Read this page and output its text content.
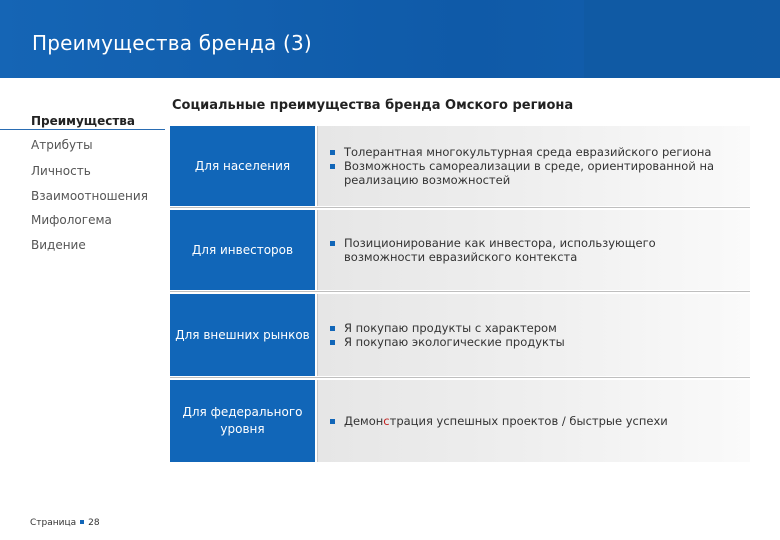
Преимущества бренда (3)
Преимущества
Атрибуты
Личность
Взаимоотношения
Мифологема
Видение
Социальные преимущества бренда Омского региона
Для населения
Толерантная многокультурная среда евразийского региона
Возможность самореализации в среде, ориентированной на реализацию возможностей
Для инвесторов	Позиционирование как инвестора, использующего возможности евразийского контекста
Для внешних рынков	Я покупаю продукты с характером
Я покупаю экологические продукты
Для федерального уровня
Демонстрация успешных проектов / быстрые успехи
Страница 28
